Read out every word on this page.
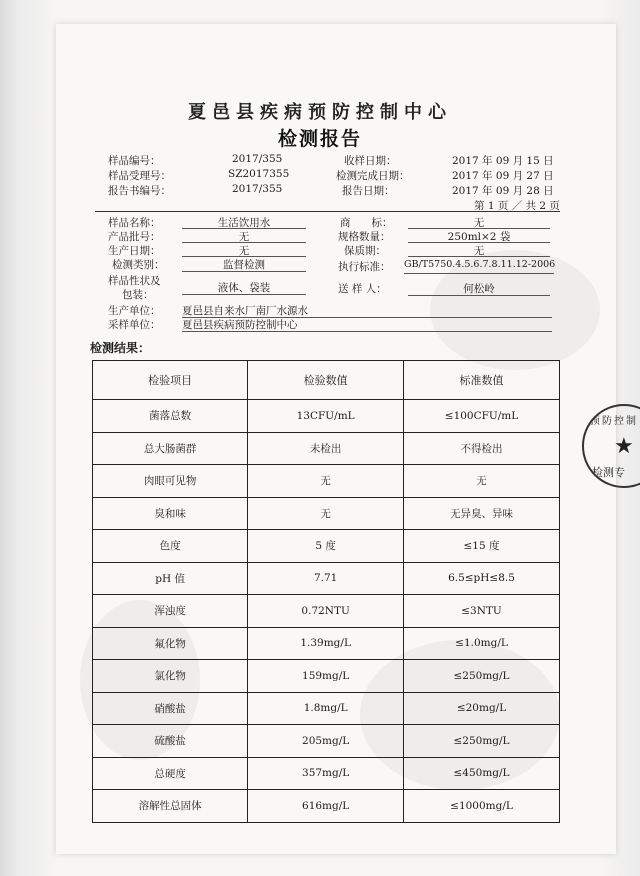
夏邑县疾病预防控制中心
检测报告
样品编号：	2017/355	收样日期：	2017 年 09 月 15 日
样品受理号：	SZ2017355	检测完成日期：	2017 年 09 月 27 日
报告书编号：	2017/355	报告日期：	2017 年 09 月 28 日
第 1 页 ／ 共 2 页
样品名称：	生活饮用水	商　　标：	无
产品批号：	无	规格数量：	250ml×2 袋
生产日期：	无	保质期：	无
检测类别：	监督检测	执行标准： GB/T5750.4.5.6.7.8.11.12-2006
样品性状及
包装：
液体、袋装	送 样 人：	何松岭
生产单位： 夏邑县自来水厂南厂水源水
采样单位： 夏邑县疾病预防控制中心
检测结果：
检验项目	检验数值	标准数值
菌落总数	13CFU/mL	≤100CFU/mL
总大肠菌群	未检出	不得检出
肉眼可见物	无	无
臭和味	无	无异臭、异味
色度	5 度	≤15 度
pH 值	7.71	6.5≤pH≤8.5
浑浊度	0.72NTU	≤3NTU
氟化物	1.39mg/L	≤1.0mg/L
氯化物	159mg/L	≤250mg/L
硝酸盐	1.8mg/L	≤20mg/L
硫酸盐	205mg/L	≤250mg/L
总硬度	357mg/L	≤450mg/L
溶解性总固体	616mg/L	≤1000mg/L
预防控制
★
检测专
